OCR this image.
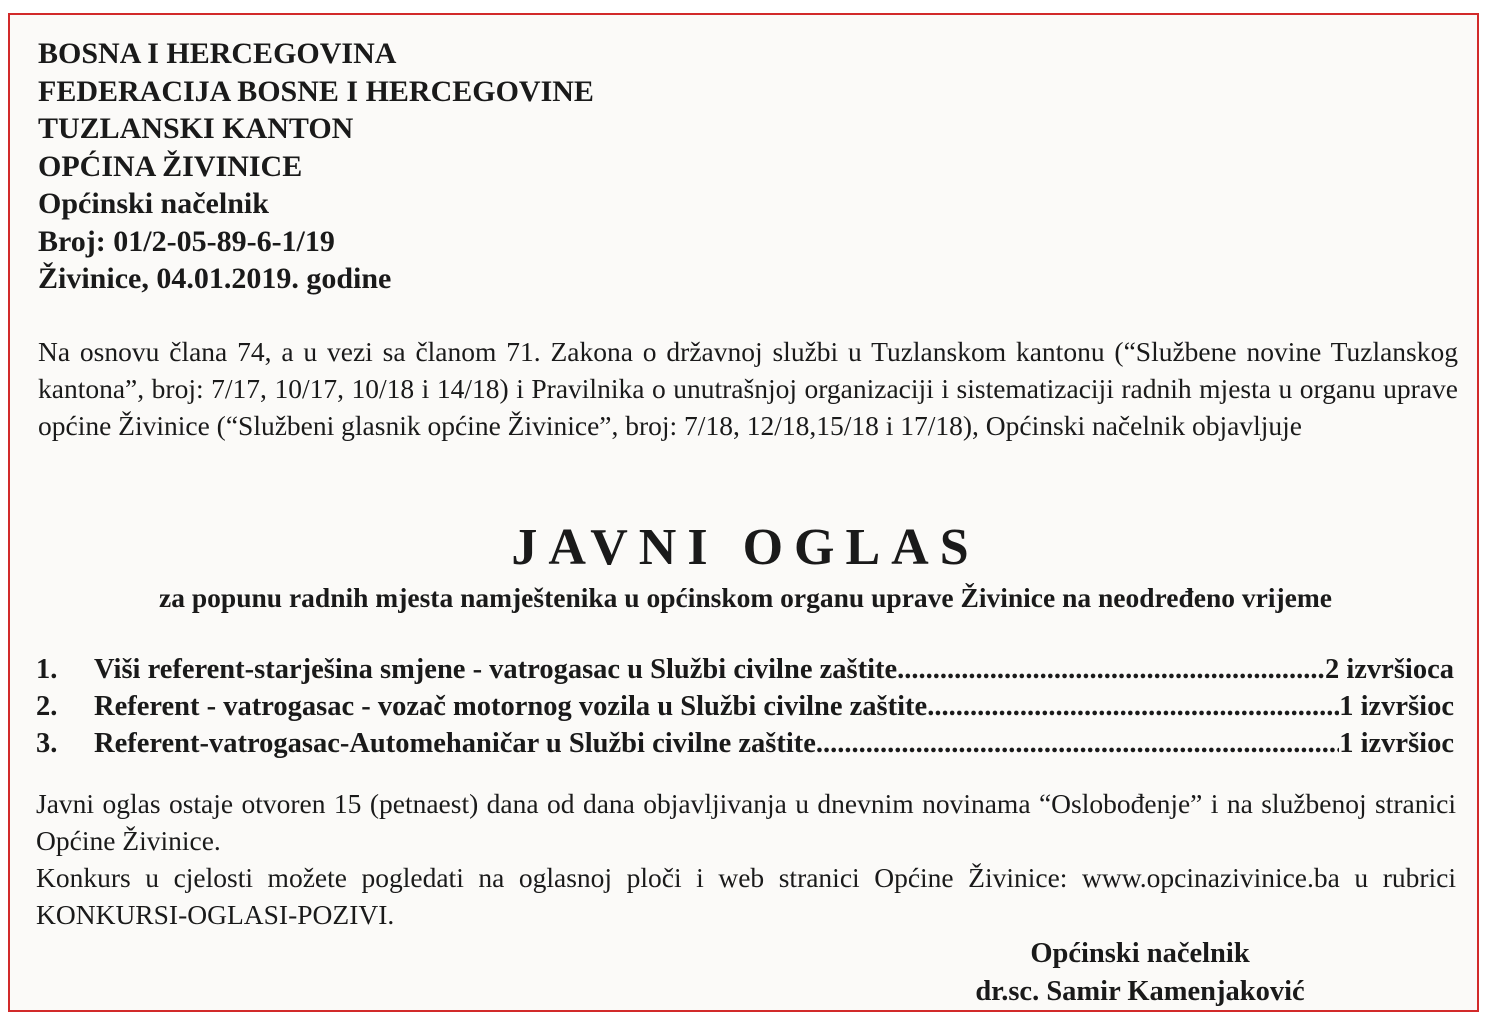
BOSNA I HERCEGOVINA
FEDERACIJA BOSNE I HERCEGOVINE
TUZLANSKI KANTON
OPĆINA ŽIVINICE
Općinski načelnik
Broj: 01/2-05-89-6-1/19
Živinice, 04.01.2019. godine
Na osnovu člana 74, a u vezi sa članom 71. Zakona o državnoj službi u Tuzlanskom kantonu (“Službene novine Tuzlanskog kantona”, broj: 7/17, 10/17, 10/18 i 14/18) i Pravilnika o unutrašnjoj organizaciji i sistematizaciji radnih mjesta u organu uprave općine Živinice (“Službeni glasnik općine Živinice”, broj: 7/18, 12/18,15/18 i 17/18), Općinski načelnik objavljuje
JAVNI OGLAS
za popunu radnih mjesta namještenika u općinskom organu uprave Živinice na neodređeno vrijeme
1.	Viši referent-starješina smjene - vatrogasac u Službi civilne zaštite .....	2 izvršioca
2.	Referent - vatrogasac - vozač motornog vozila u Službi civilne zaštite .....	1 izvršioc
3.	Referent-vatrogasac-Automehaničar u Službi civilne zaštite .....	1 izvršioc

Javni oglas ostaje otvoren 15 (petnaest) dana od dana objavljivanja u dnevnim novinama “Oslobođenje” i na službenoj stranici Općine Živinice.

Konkurs u cjelosti možete pogledati na oglasnoj ploči i web stranici Općine Živinice: www.opcinazivinice.ba u rubrici KONKURSI-OGLASI-POZIVI.

Općinski načelnik
dr.sc. Samir Kamenjaković
